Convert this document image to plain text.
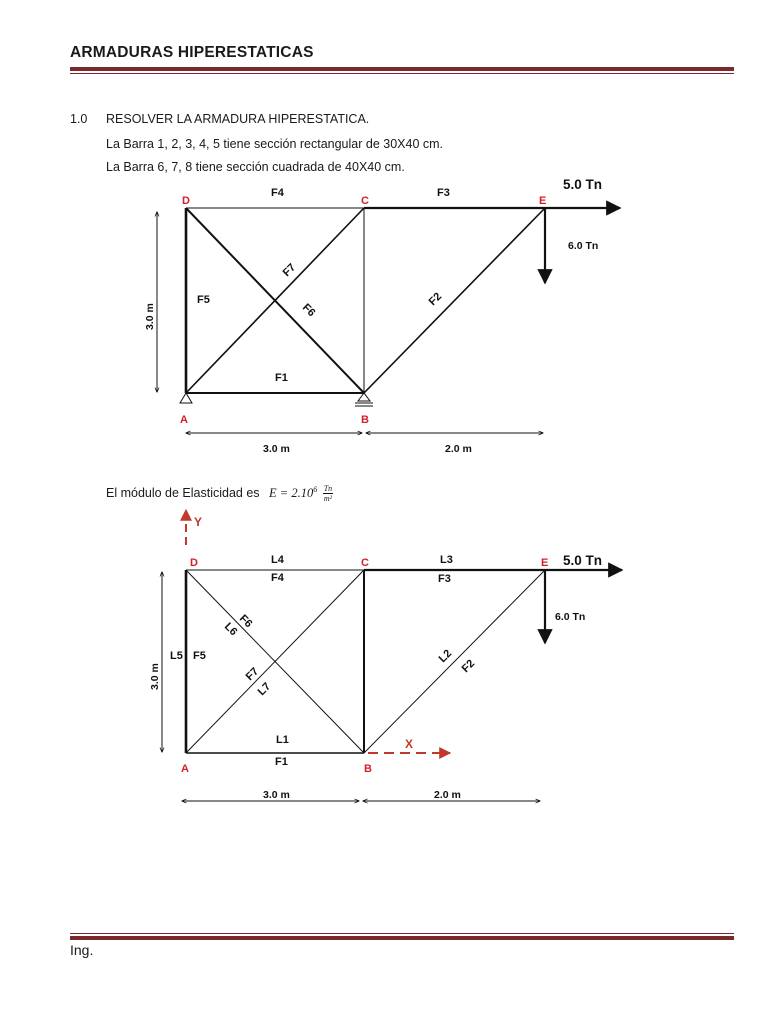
ARMADURAS HIPERESTATICAS
1.0 RESOLVER LA ARMADURA HIPERESTATICA.
La Barra 1, 2, 3, 4, 5 tiene sección rectangular de 30X40 cm.
La Barra 6, 7, 8 tiene sección cuadrada de 40X40 cm.
5.0 Tn
6.0 Tn
D	C	E
A	B
F4	F3
F5
F1
F7
F6
F2
3.0 m
3.0 m	2.0 m
El módulo de Elasticidad es $E = 2.10^6 \frac{Tn}{\text{m²}}$
Y
X
5.0 Tn
6.0 Tn
D	C	E
A	B
L4
F4
L3
F3
L5 F5
L1
F1
F6
L6
F7
L7
L2
F2
3.0 m
3.0 m	2.0 m
Ing.
